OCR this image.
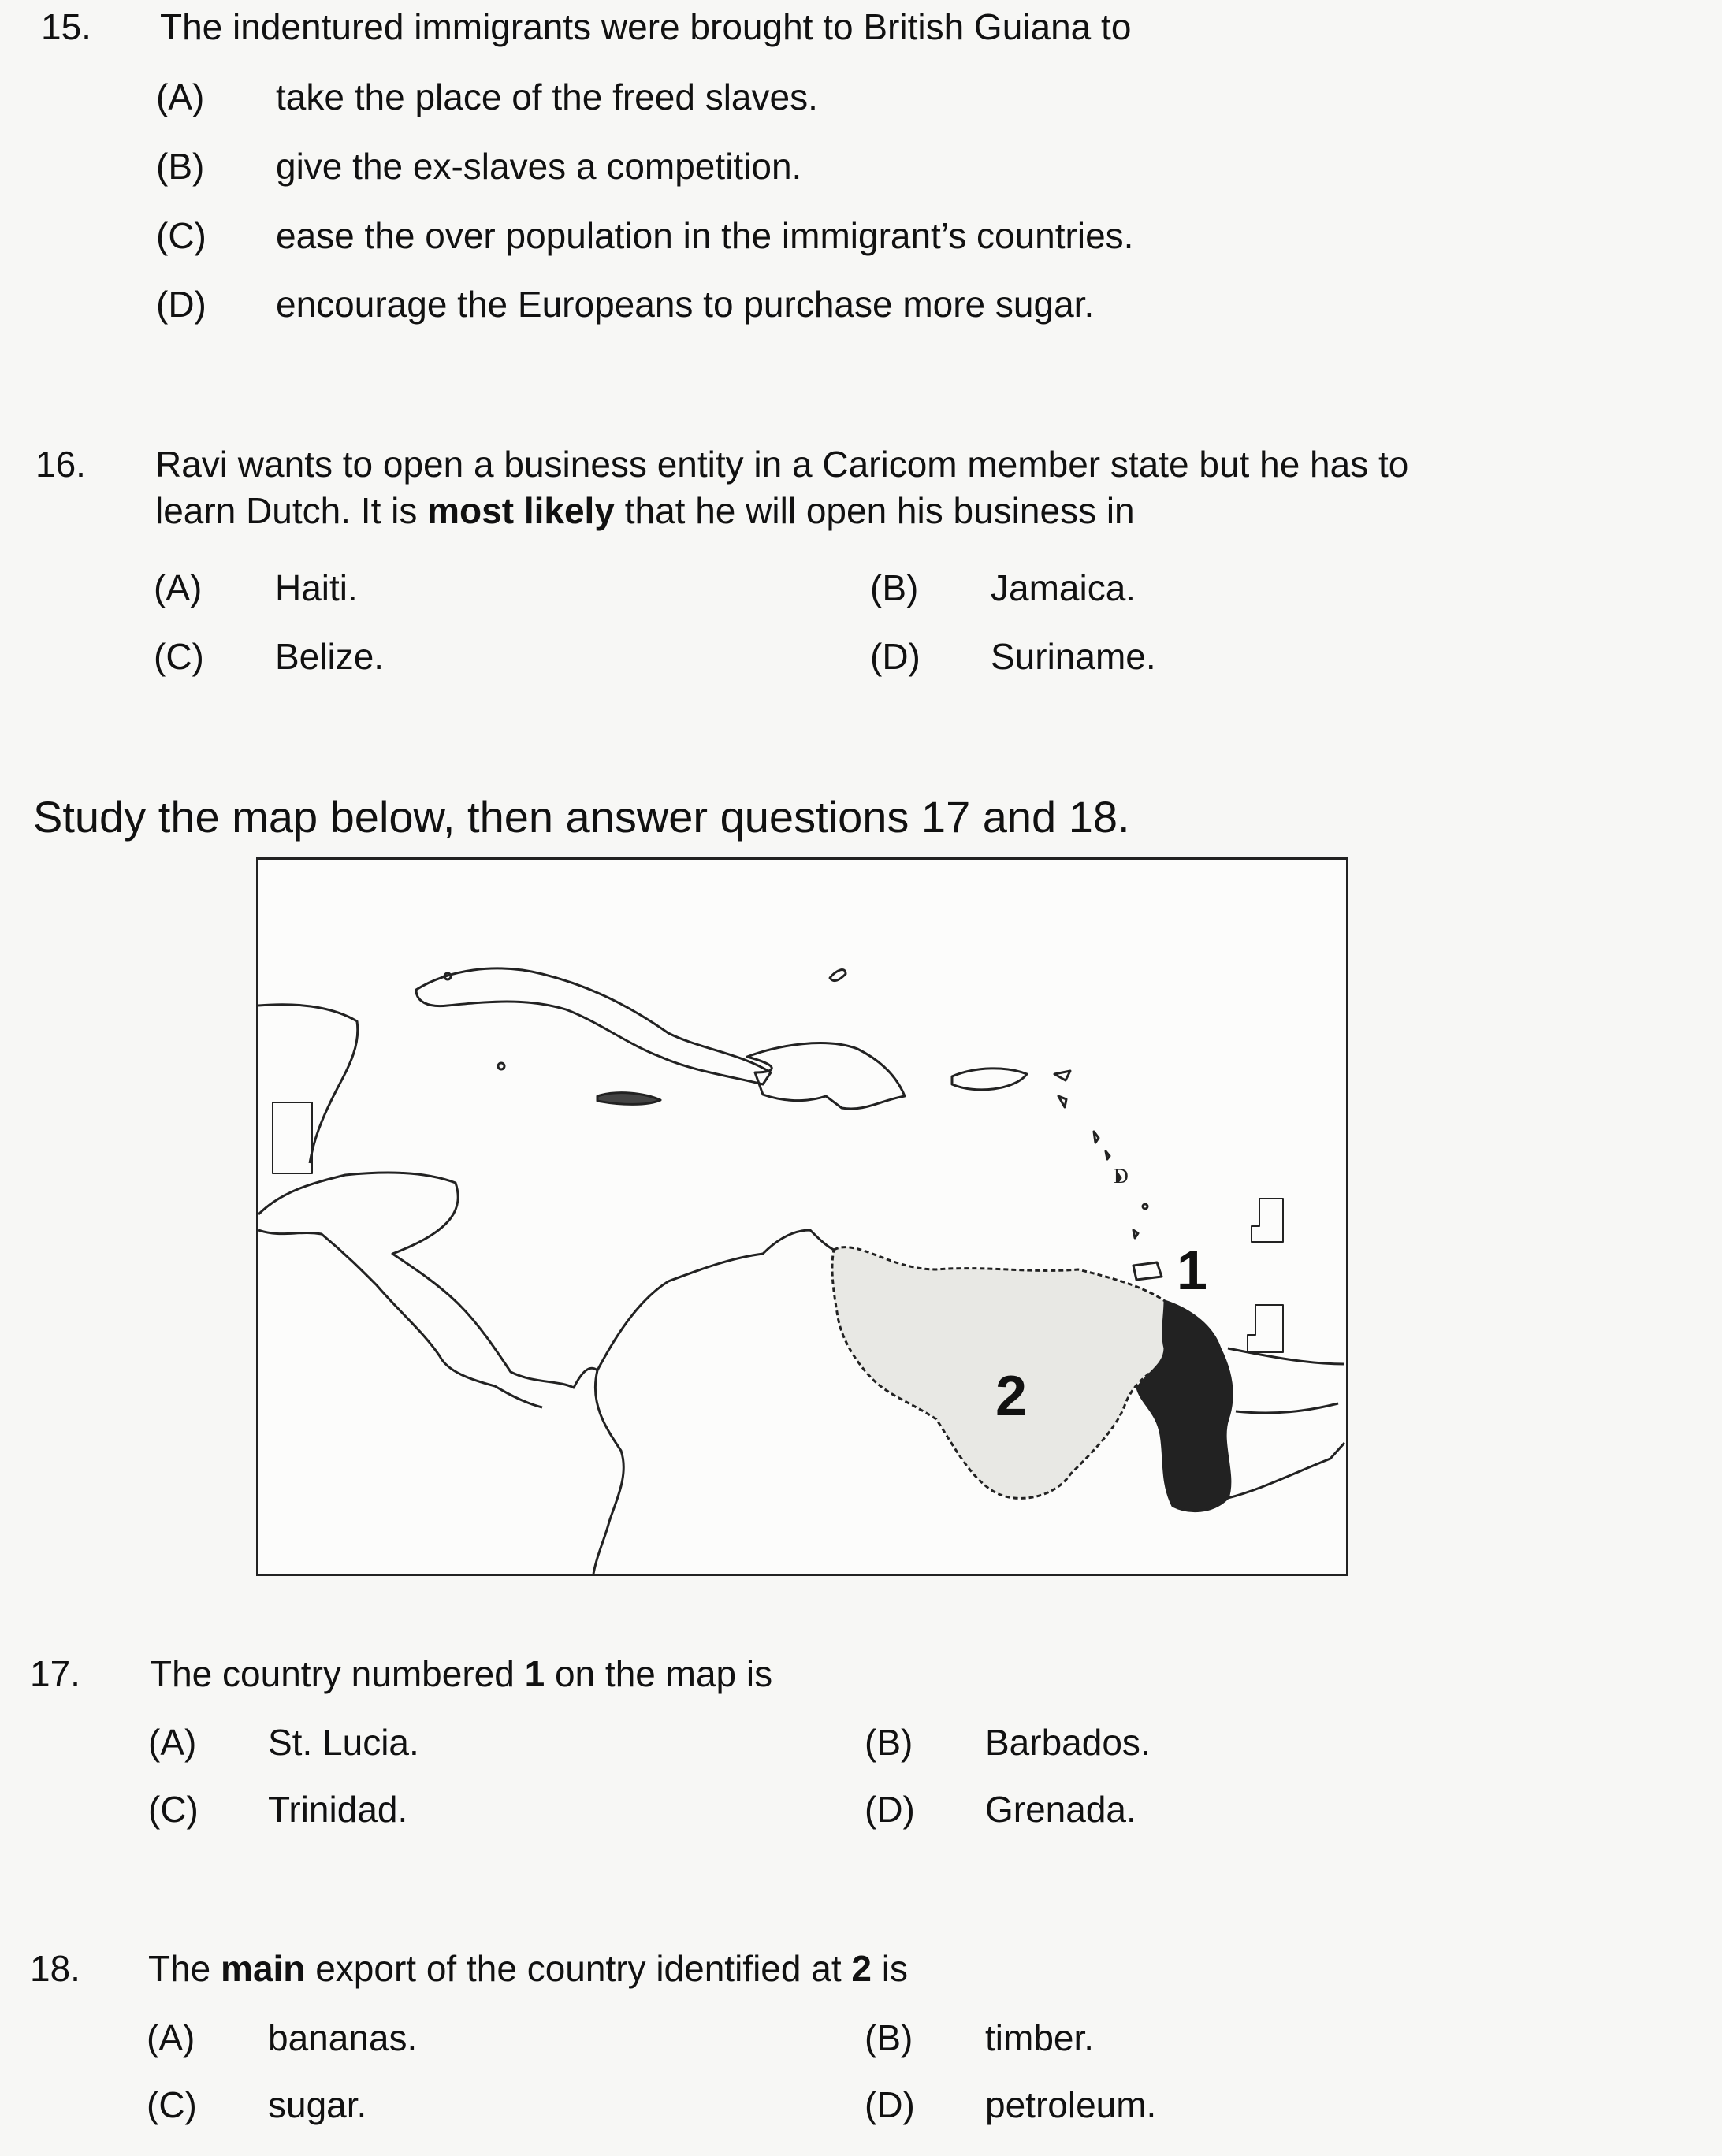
15. The indentured immigrants were brought to British Guiana to
(A) take the place of the freed slaves.
(B) give the ex-slaves a competition.
(C) ease the over population in the immigrant’s countries.
(D) encourage the Europeans to purchase more sugar.
16. Ravi wants to open a business entity in a Caricom member state but he has to
learn Dutch. It is most likely that he will open his business in
(A) Haiti.	(B) Jamaica.
(C) Belize.	(D) Suriname.
Study the map below, then answer questions 17 and 18.
1
2
D
17. The country numbered 1 on the map is
(A) St. Lucia.	(B) Barbados.
(C) Trinidad.	(D) Grenada.
18. The main export of the country identified at 2 is
(A) bananas.	(B) timber.
(C) sugar.	(D) petroleum.
